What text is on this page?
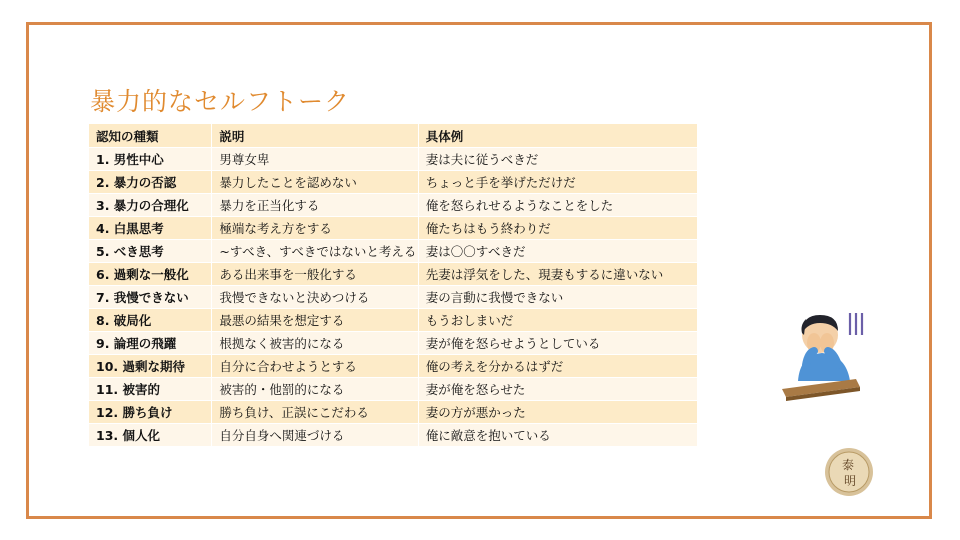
暴力的なセルフトーク
認知の種類	説明	具体例
1. 男性中心	男尊女卑	妻は夫に従うべきだ
2. 暴力の否認	暴力したことを認めない	ちょっと手を挙げただけだ
3. 暴力の合理化	暴力を正当化する	俺を怒られせるようなことをした
4. 白黒思考	極端な考え方をする	俺たちはもう終わりだ
5. べき思考	~すべき、すべきではないと考える	妻は〇〇すべきだ
6. 過剰な一般化	ある出来事を一般化する	先妻は浮気をした、現妻もするに違いない
7. 我慢できない	我慢できないと決めつける	妻の言動に我慢できない
8. 破局化	最悪の結果を想定する	もうおしまいだ
9. 論理の飛躍	根拠なく被害的になる	妻が俺を怒らせようとしている
10. 過剰な期待	自分に合わせようとする	俺の考えを分かるはずだ
11. 被害的	被害的・他罰的になる	妻が俺を怒らせた
12. 勝ち負け	勝ち負け、正誤にこだわる	妻の方が悪かった
13. 個人化	自分自身へ関連づける	俺に敵意を抱いている
泰
明
